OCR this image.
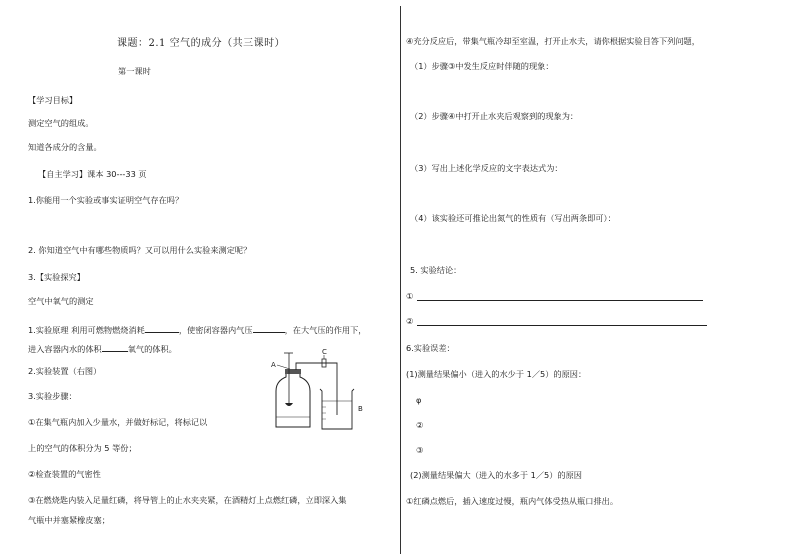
课题：2.1 空气的成分（共三课时）
第一课时
【学习目标】
测定空气的组成。
知道各成分的含量。
【自主学习】课本 30---33 页
1.你能用一个实验或事实证明空气存在吗？
2. 你知道空气中有哪些物质吗？又可以用什么实验来测定呢？
3.【实验探究】
空气中氧气的测定
1.实验原理 利用可燃物燃烧消耗	，使密闭容器内气压	，在大气压的作用下，
进入容器内水的体积	氧气的体积。
2.实验装置（右图）
3.实验步骤：
①在集气瓶内加入少量水，并做好标记，将标记以
上的空气的体积分为 5 等份；
②检查装置的气密性
③在燃烧匙内装入足量红磷，将导管上的止水夹夹紧，在酒精灯上点燃红磷，立即深入集
气瓶中并塞紧橡皮塞；
A
C
B
④充分反应后，带集气瓶冷却至室温，打开止水夫，请你根据实验目答下列问题，
（1）步骤③中发生反应时伴随的现象：
（2）步骤④中打开止水夹后观察到的现象为：
（3）写出上述化学反应的文字表达式为：
（4）该实验还可推论出氮气的性质有（写出两条即可）：
5. 实验结论：
①
②
6.实验误差：
(1)测量结果偏小（进入的水少于 1／5）的原因：
φ
②
③
(2)测量结果偏大（进入的水多于 1／5）的原因
①红磷点燃后，插入速度过慢，瓶内气体受热从瓶口排出。
